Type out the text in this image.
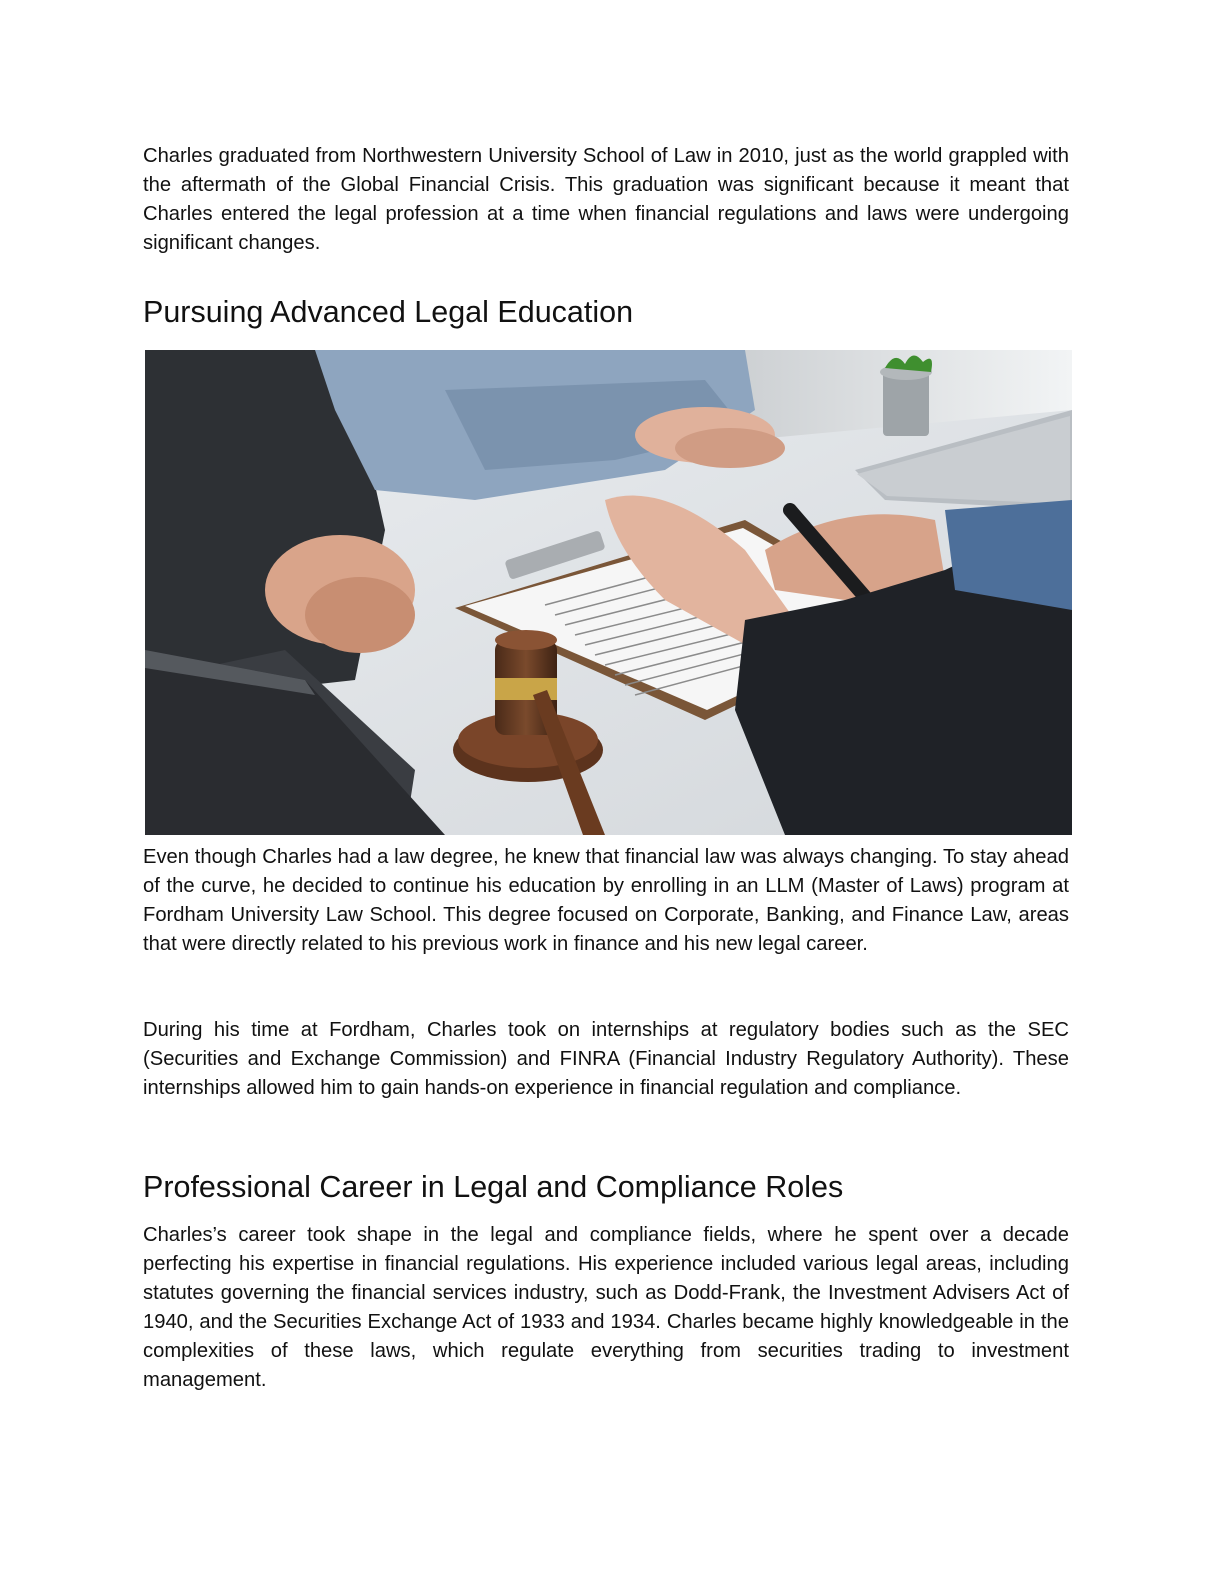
Charles graduated from Northwestern University School of Law in 2010, just as the world grappled with the aftermath of the Global Financial Crisis. This graduation was significant because it meant that Charles entered the legal profession at a time when financial regulations and laws were undergoing significant changes.

Pursuing Advanced Legal Education

Even though Charles had a law degree, he knew that financial law was always changing. To stay ahead of the curve, he decided to continue his education by enrolling in an LLM (Master of Laws) program at Fordham University Law School. This degree focused on Corporate, Banking, and Finance Law, areas that were directly related to his previous work in finance and his new legal career.

During his time at Fordham, Charles took on internships at regulatory bodies such as the SEC (Securities and Exchange Commission) and FINRA (Financial Industry Regulatory Authority). These internships allowed him to gain hands-on experience in financial regulation and compliance.

Professional Career in Legal and Compliance Roles

Charles’s career took shape in the legal and compliance fields, where he spent over a decade perfecting his expertise in financial regulations. His experience included various legal areas, including statutes governing the financial services industry, such as Dodd-Frank, the Investment Advisers Act of 1940, and the Securities Exchange Act of 1933 and 1934. Charles became highly knowledgeable in the complexities of these laws, which regulate everything from securities trading to investment management.
